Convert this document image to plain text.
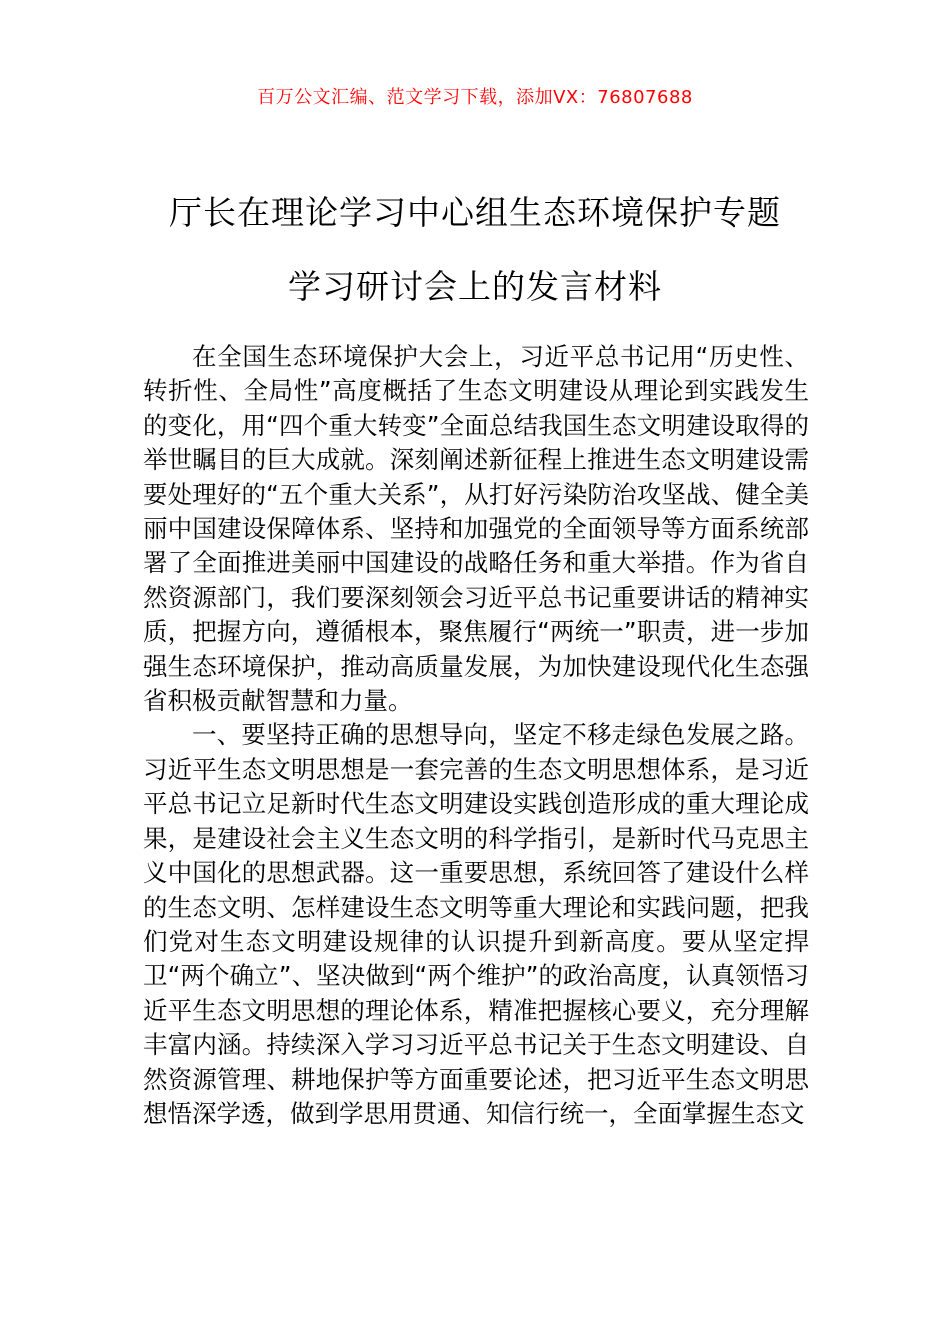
百万公文汇编、范文学习下载，添加VX：76807688
厅长在理论学习中心组生态环境保护专题
学习研讨会上的发言材料

在全国生态环境保护大会上，习近平总书记用“历史性、转折性、全局性”高度概括了生态文明建设从理论到实践发生的变化，用“四个重大转变”全面总结我国生态文明建设取得的举世瞩目的巨大成就。深刻阐述新征程上推进生态文明建设需要处理好的“五个重大关系”，从打好污染防治攻坚战、健全美丽中国建设保障体系、坚持和加强党的全面领导等方面系统部署了全面推进美丽中国建设的战略任务和重大举措。作为省自然资源部门，我们要深刻领会习近平总书记重要讲话的精神实质，把握方向，遵循根本，聚焦履行“两统一”职责，进一步加强生态环境保护，推动高质量发展，为加快建设现代化生态强省积极贡献智慧和力量。

一、要坚持正确的思想导向，坚定不移走绿色发展之路。习近平生态文明思想是一套完善的生态文明思想体系，是习近平总书记立足新时代生态文明建设实践创造形成的重大理论成果，是建设社会主义生态文明的科学指引，是新时代马克思主义中国化的思想武器。这一重要思想，系统回答了建设什么样的生态文明、怎样建设生态文明等重大理论和实践问题，把我们党对生态文明建设规律的认识提升到新高度。要从坚定捍卫“两个确立”、坚决做到“两个维护”的政治高度，认真领悟习近平生态文明思想的理论体系，精准把握核心要义，充分理解丰富内涵。持续深入学习习近平总书记关于生态文明建设、自然资源管理、耕地保护等方面重要论述，把习近平生态文明思想悟深学透，做到学思用贯通、知信行统一，全面掌握生态文
